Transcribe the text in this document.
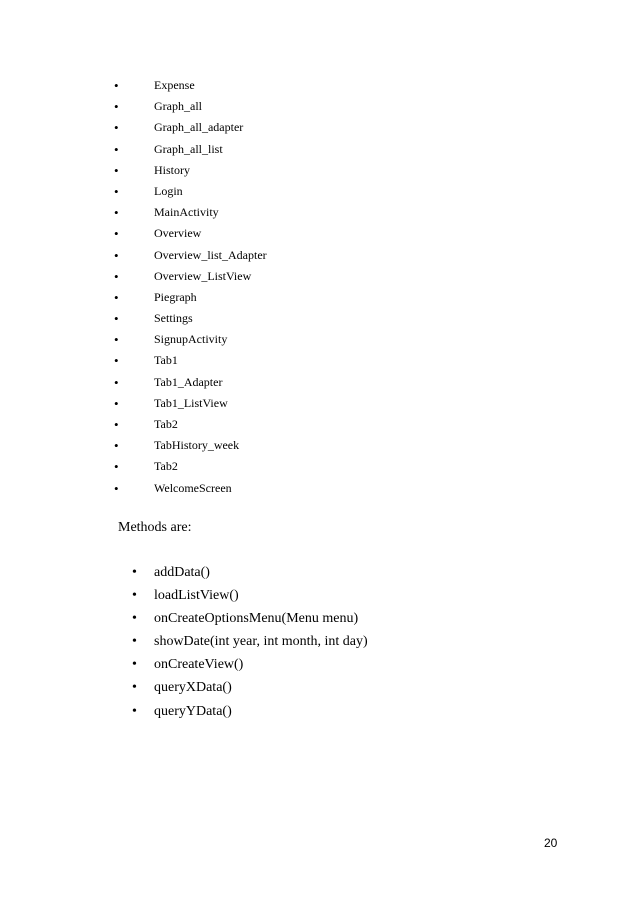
•	Expense
•	Graph_all
•	Graph_all_adapter
•	Graph_all_list
•	History
•	Login
•	MainActivity
•	Overview
•	Overview_list_Adapter
•	Overview_ListView
•	Piegraph
•	Settings
•	SignupActivity
•	Tab1
•	Tab1_Adapter
•	Tab1_ListView
•	Tab2
•	TabHistory_week
•	Tab2
•	WelcomeScreen
Methods are:
• addData()
• loadListView()
• onCreateOptionsMenu(Menu menu)
• showDate(int year, int month, int day)
• onCreateView()
• queryXData()
• queryYData()
20
